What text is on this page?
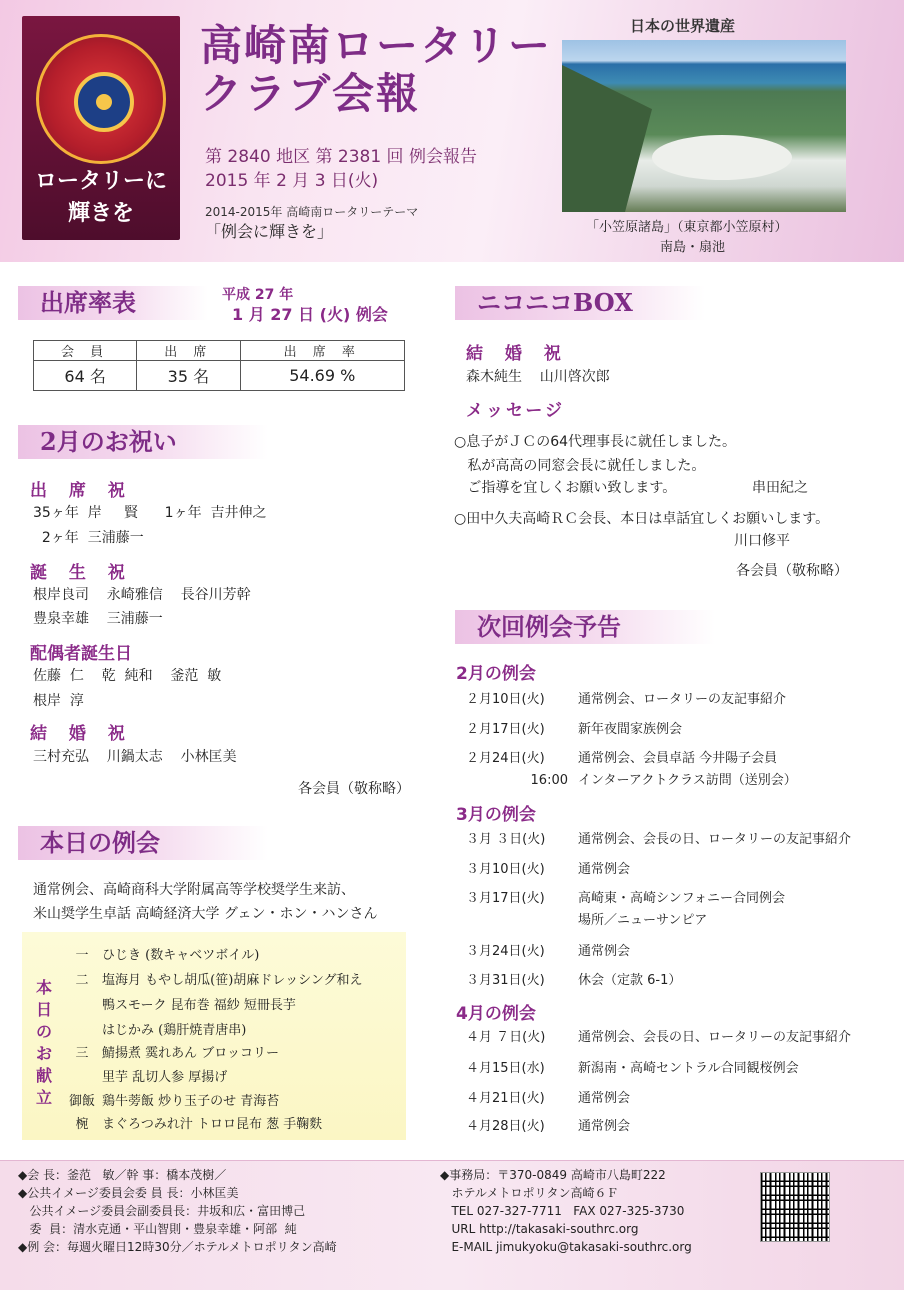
ロータリーに
輝きを
高崎南ロータリー
クラブ会報
第 2840 地区 第 2381 回 例会報告
2015 年 2 月 3 日(火)
2014-2015年 高崎南ロータリーテーマ
「例会に輝きを」
日本の世界遺産
「小笠原諸島」（東京都小笠原村）
南島・扇池
出席率表	平成 27 年
1 月 27 日 (火) 例会
会 員	出 席	出 席 率
64 名	35 名	54.69 %
2月のお祝い
出 席 祝
35ヶ年  岸     賢      1ヶ年  吉井伸之
2ヶ年  三浦藤一
誕 生 祝
根岸良司    永崎雅信    長谷川芳幹
豊泉幸雄    三浦藤一
配偶者誕生日
佐藤  仁    乾  純和    釜范  敏
根岸  淳
結 婚 祝
三村充弘    川鍋太志    小林匡美
各会員（敬称略）
本日の例会
通常例会、高崎商科大学附属高等学校奨学生来訪、
米山奨学生卓話 高崎経済大学 グェン・ホン・ハンさん
本日のお献立
一 ひじき (数キャベツボイル)
二 塩海月 もやし胡瓜(笹)胡麻ドレッシング和え
鴨スモーク 昆布巻 福紗 短冊長芋
はじかみ (鶏肝焼青唐串)
三 鯖揚煮 霙れあん ブロッコリー
里芋 乱切人参 厚揚げ
御飯 鶏牛蒡飯 炒り玉子のせ 青海苔
椀 まぐろつみれ汁 トロロ昆布 葱 手鞠麩
ニコニコBOX
結 婚 祝
森木純生    山川啓次郎
メッセージ
○息子がＪＣの64代理事長に就任しました。
私が高高の同窓会長に就任しました。
ご指導を宜しくお願い致します。	串田紀之
○田中久夫高崎ＲＣ会長、本日は卓話宜しくお願いします。
川口修平
各会員（敬称略）
次回例会予告
2月の例会
２月10日(火)	通常例会、ロータリーの友記事紹介
２月17日(火)	新年夜間家族例会
２月24日(火)	通常例会、会員卓話 今井陽子会員
16:00 インターアクトクラス訪問（送別会）
3月の例会
３月 ３日(火)	通常例会、会長の日、ロータリーの友記事紹介
３月10日(火)	通常例会
３月17日(火)	高崎東・高崎シンフォニー合同例会
場所／ニューサンピア
３月24日(火)	通常例会
３月31日(火)	休会（定款 6-1）
4月の例会
４月 ７日(火)	通常例会、会長の日、ロータリーの友記事紹介
４月15日(水)	新潟南・高崎セントラル合同観桜例会
４月21日(火)	通常例会
４月28日(火)	通常例会
◆会 長：釜范   敏／幹 事：橋本茂樹／
◆公共イメージ委員会委 員 長：小林匡美
公共イメージ委員会副委員長：井坂和広・富田博己
委  員：清水克通・平山智則・豊泉幸雄・阿部  純
◆例 会：毎週火曜日12時30分／ホテルメトロポリタン高崎
◆事務局：〒370-0849 高崎市八島町222
ホテルメトロポリタン高崎６Ｆ
TEL 027-327-7711   FAX 027-325-3730
URL http://takasaki-southrc.org
E-MAIL jimukyoku@takasaki-southrc.org
